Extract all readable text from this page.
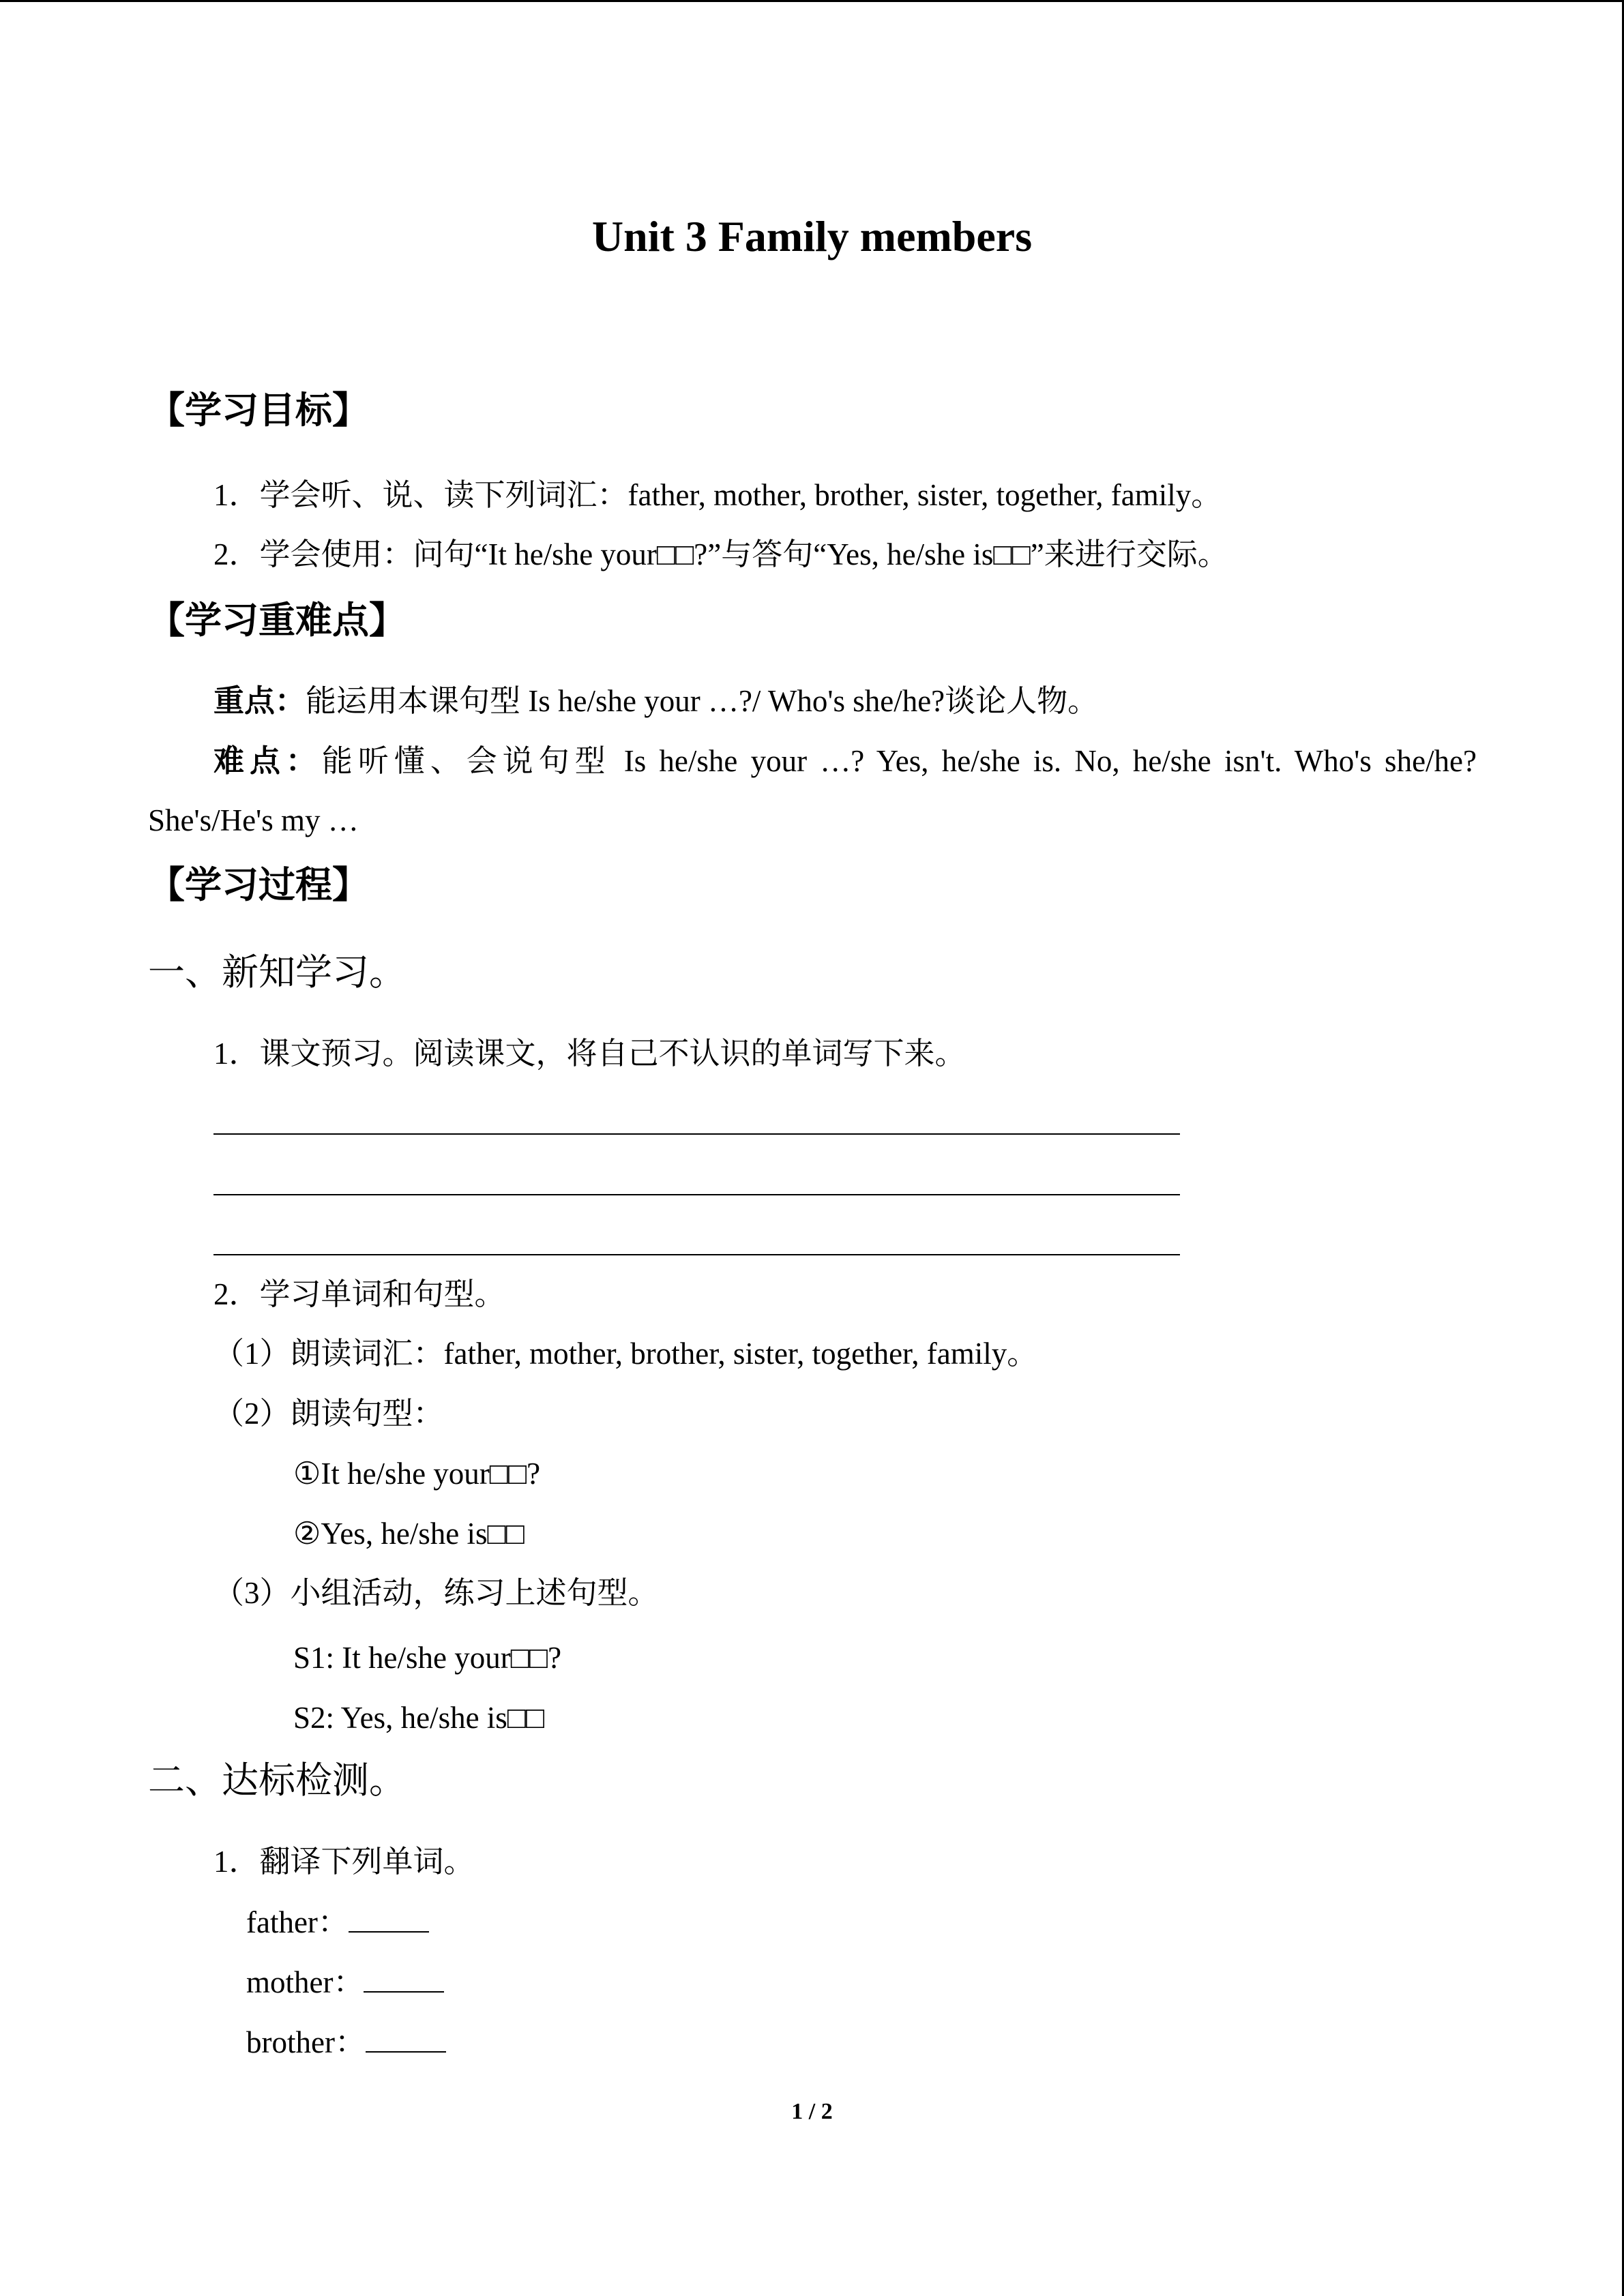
Unit 3 Family members
【学习目标】
1．学会听、说、读下列词汇：father, mother, brother, sister, together, family。
2．学会使用：问句“It he/she your□□?”与答句“Yes, he/she is□□”来进行交际。
【学习重难点】
重点：能运用本课句型 Is he/she your …?/ Who's she/he?谈论人物。
难点：能听懂、会说句型 Is he/she your …? Yes, he/she is. No, he/she isn't. Who's she/he?
She's/He's my …
【学习过程】
一、新知学习。
1．课文预习。阅读课文，将自己不认识的单词写下来。
2．学习单词和句型。
（1）朗读词汇：father, mother, brother, sister, together, family。
（2）朗读句型：
①It he/she your□□?
②Yes, he/she is□□
（3）小组活动，练习上述句型。
S1: It he/she your□□?
S2: Yes, he/she is□□
二、达标检测。
1．翻译下列单词。
father：
mother：
brother：
1 / 2
